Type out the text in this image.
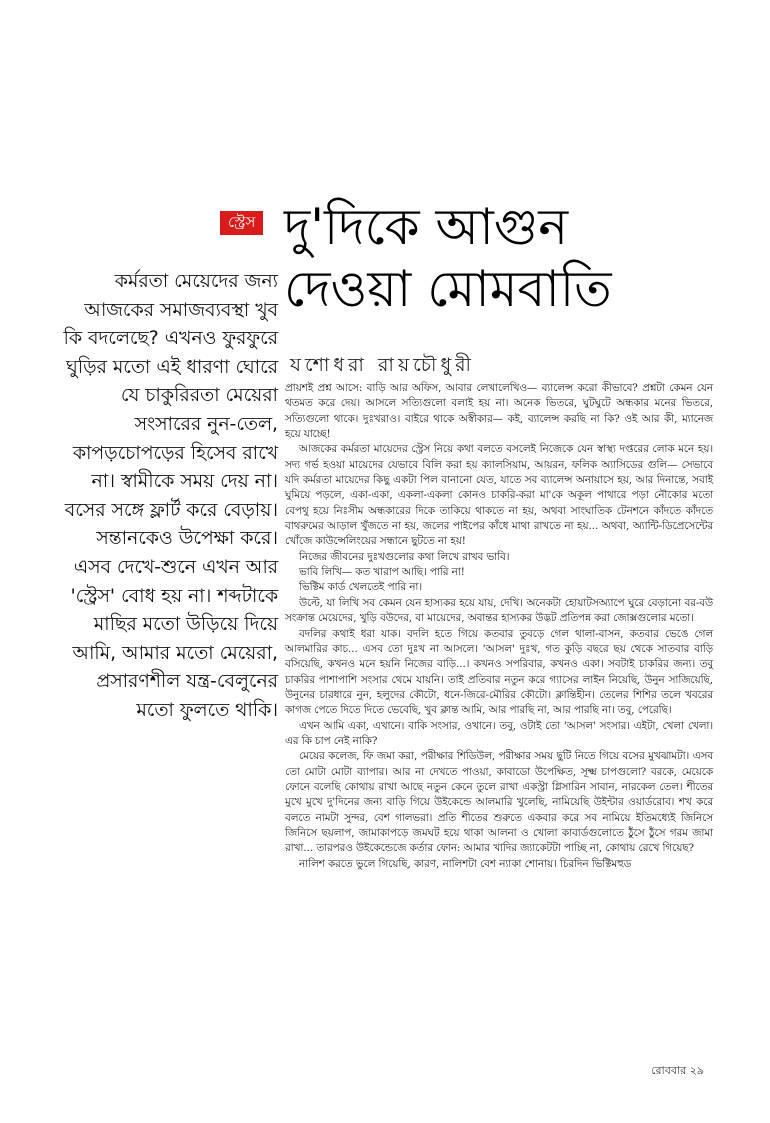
স্ট্রেস দু'দিকে আগুন
দেওয়া মোমবাতি
যশোধরা রায়চৌধুরী
কর্মরতা মেয়েদের জন্য আজকের সমাজব্যবস্থা খুব কি বদলেছে? এখনও ফুরফুরে ঘুড়ির মতো এই ধারণা ঘোরে যে চাকুরিরতা মেয়েরা সংসারের নুন-তেল, কাপড়চোপড়ের হিসেব রাখে না। স্বামীকে সময় দেয় না। বসের সঙ্গে ফ্লার্ট করে বেড়ায়। সন্তানকেও উপেক্ষা করে। এসব দেখে-শুনে এখন আর 'স্ট্রেস' বোধ হয় না। শব্দটাকে মাছির মতো উড়িয়ে দিয়ে আমি, আমার মতো মেয়েরা, প্রসারণশীল যন্ত্র-বেলুনের মতো ফুলতে থাকি।

প্রায়শই প্রশ্ন আসে: বাড়ি আর অফিস, আবার লেখালেখিও— ব্যালেন্স করো কীভাবে? প্রশ্নটা কেমন যেন থতমত করে দেয়। আসলে সত্যিগুলো বলাই হয় না। অনেক ভিতরে, ঘুটঘুটে অন্ধকার মনের ভিতরে, সত্যিগুলো থাকে। দুঃখরাও। বাইরে থাকে অস্বীকার— কই, ব্যালেন্স করছি না কি? ওই আর কী, ম্যানেজ হয়ে যাচ্ছে!

আজকের কর্মরতা মায়েদের স্ট্রেস নিয়ে কথা বলতে বসলেই নিজেকে যেন স্বাস্থ্য দপ্তরের লোক মনে হয়। সদ্য গর্ভ হওয়া মায়েদের যেভাবে বিলি করা হয় ক্যালসিয়াম, আয়রন, ফলিক অ্যাসিডের গুলি— সেভাবে যদি কর্মরতা মায়েদের কিছু একটা পিল বানানো যেত, যাতে সব ব্যালেন্স অনায়াসে হয়, আর দিনান্তে, সবাই ঘুমিয়ে পড়লে, একা-একা, একলা-একলা কোনও চাকরি-করা মা'কে অকূল পাথারে পড়া নৌকোর মতো বেপথু হয়ে নিঃসীম অন্ধকারের দিকে তাকিয়ে থাকতে না হয়, অথবা সাংঘাতিক টেনশনে কাঁদতে কাঁদতে বাথরুমের আড়াল খুঁজতে না হয়, জলের পাইপের কাঁধে মাথা রাখতে না হয়... অথবা, অ্যান্টি-ডিপ্রেসেন্টের খোঁজে কাউন্সেলিংয়ের সন্ধানে ছুটতে না হয়!

নিজের জীবনের দুঃখগুলোর কথা লিখে রাখব ভাবি।

ভাবি লিখি— কত খারাপ আছি। পারি না!

ভিক্টিম কার্ড খেলতেই পারি না।

উল্টে, যা লিখি সব কেমন যেন হাস্যকর হয়ে যায়, দেখি। অনেকটা হোয়াটসঅ্যাপে ঘুরে বেড়ানো বর-বউ সংক্রান্ত মেয়েদের, খুড়ি বউদের, বা মায়েদের, অবান্তর হাস্যকর উদ্ভট প্রতিপন্ন করা জোক্সগুলোর মতো।

বদলির কথাই ধরা যাক। বদলি হতে গিয়ে কতবার তুবড়ে গেল থালা-বাসন, কতবার ভেঙে গেল আলমারির কাচ... এসব তো দুঃখ না আসলে। 'আসল' দুঃখ, গত কুড়ি বছরে ছয় থেকে সাতবার বাড়ি বসিয়েছি, কখনও মনে হয়নি নিজের বাড়ি...। কখনও সপরিবার, কখনও একা। সবটাই চাকরির জন্য। তবু চাকরির পাশাপাশি সংসার থেমে যায়নি। তাই প্রতিবার নতুন করে গ্যাসের লাইন নিয়েছি, উনুন সাজিয়েছি, উনুনের চারধারে নুন, হলুদের কৌটো, ধনে-জিরে-মৌরির কৌটো। ক্লান্তিহীন। তেলের শিশির তলে খবরের কাগজ পেতে দিতে দিতে ভেবেছি, খুব ক্লান্ত আমি, আর পারছি না, আর পারছি না। তবু, পেরেছি।

এখন আমি একা, এখানে। বাকি সংসার, ওখানে। তবু, ওটাই তো 'আসল' সংসার। এইটা, খেলা খেলা। এর কি চাপ নেই নাকি?

মেয়ের কলেজ, ফি জমা করা, পরীক্ষার শিডিউল, পরীক্ষার সময় ছুটি নিতে গিয়ে বসের মুখঝামটা। এসব তো মোটা মোটা ব্যাপার। আর না দেখতে পাওয়া, কাবাডো উপেক্ষিত, সূক্ষ্ম চাপগুলো? বরকে, মেয়েকে ফোনে বলেছি কোথায় রাখা আছে নতুন কেনে তুলে রাখা একস্ট্রা গ্লিসারিন সাবান, নারকেল তেল। শীতের মুখে মুখে দু'দিনের জন্য বাড়ি গিয়ে উইকেন্ডে আলমারি খুলেছি, নামিয়েছি উইন্টার ওয়ার্ডরোব। শখ করে বলতে নামটা সুন্দর, বেশ গালভরা। প্রতি শীতের শুরুতে একবার করে সব নামিয়ে ইতিমধ্যেই জিনিসে জিনিসে ছয়লাপ, জামাকাপড়ে জমঘট হয়ে থাকা আলনা ও খোলা কাবার্ডগুলোতে ঠুঁসে ঠুঁসে গরম জামা রাখা... তারপরও উইকেন্ডেজে কর্তার ফোন: আমার খাদির জ্যাকেটটা পাচ্ছি না, কোথায় রেখে গিয়েছ?

নালিশ করতে ভুলে গিয়েছি, কারণ, নালিশটা বেশ ন্যাকা শোনায়। চিরদিন ভিক্টিমহুড

রোববার ২৯
